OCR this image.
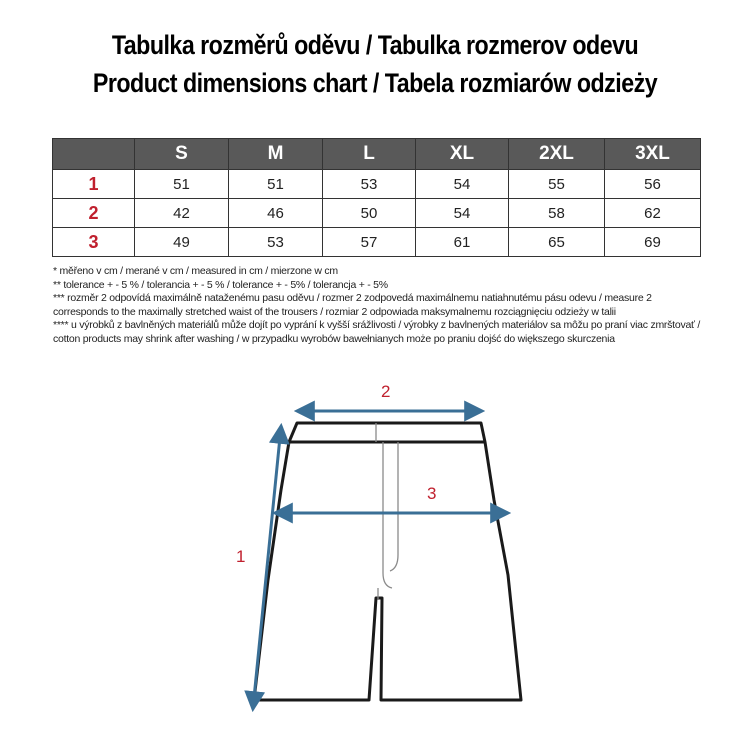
Tabulka rozměrů oděvu / Tabulka rozmerov odevu
Product dimensions chart / Tabela rozmiarów odzieży
	S	M	L	XL	2XL	3XL
1	51	51	53	54	55	56
2	42	46	50	54	58	62
3	49	53	57	61	65	69

* měřeno v cm / merané v cm / measured in cm / mierzone w cm

** tolerance + - 5 % / tolerancia + - 5 % / tolerance + - 5% / tolerancja + - 5%

*** rozměr 2 odpovídá maximálně nataženému pasu oděvu / rozmer 2 zodpovedá maximálnemu natiahnutému pásu odevu / measure 2 corresponds to the maximally stretched waist of the trousers / rozmiar 2 odpowiada maksymalnemu rozciągnięciu odzieży w talii

**** u výrobků z bavlněných materiálů může dojít po vyprání k vyšší srážlivosti / výrobky z bavlnených materiálov sa môžu po praní viac zmrštovať / cotton products may shrink after washing / w przypadku wyrobów bawełnianych może po praniu dojść do większego skurczenia

1
2
3
